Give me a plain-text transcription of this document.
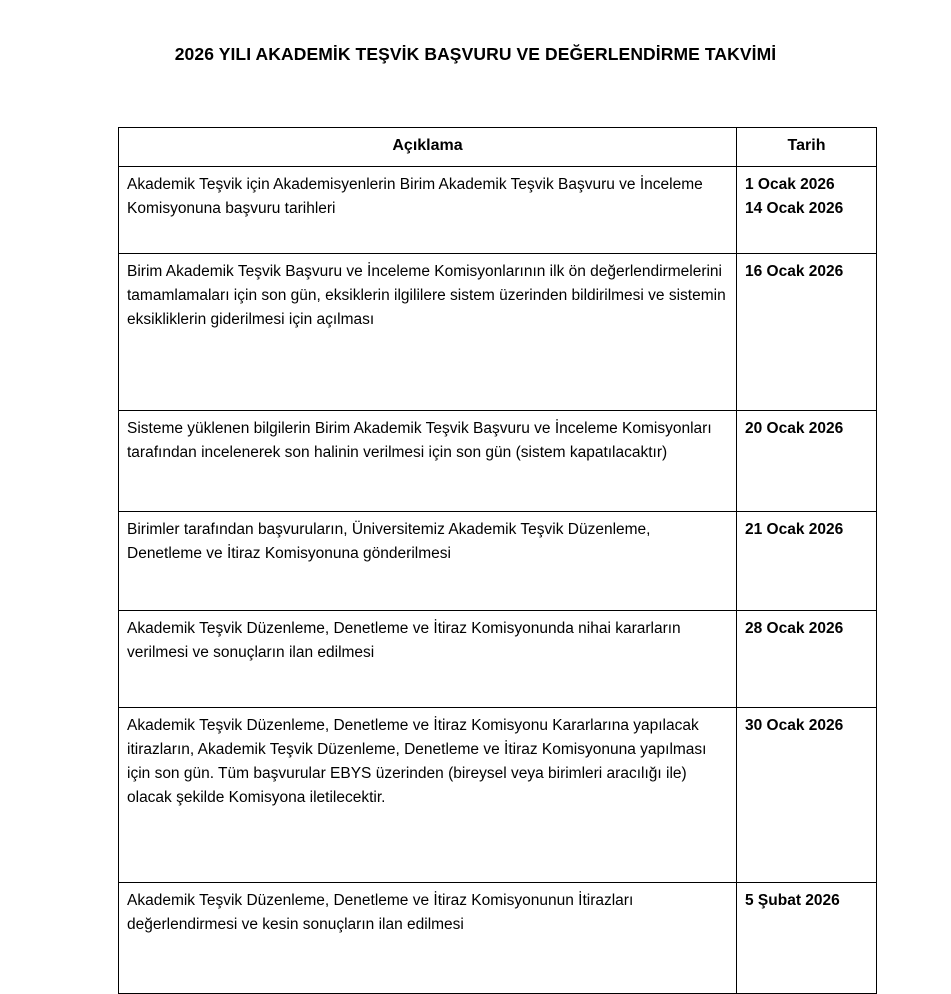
2026 YILI AKADEMİK TEŞVİK BAŞVURU VE DEĞERLENDİRME TAKVİMİ
Açıklama	Tarih
Akademik Teşvik için Akademisyenlerin Birim Akademik Teşvik Başvuru ve İnceleme Komisyonuna başvuru tarihleri	1 Ocak 2026
14 Ocak 2026

Birim Akademik Teşvik Başvuru ve İnceleme Komisyonlarının ilk ön değerlendirmelerini tamamlamaları için son gün, eksiklerin ilgililere sistem üzerinden bildirilmesi ve sistemin eksikliklerin giderilmesi için açılması	16 Ocak 2026

Sisteme yüklenen bilgilerin Birim Akademik Teşvik Başvuru ve İnceleme Komisyonları tarafından incelenerek son halinin verilmesi için son gün (sistem kapatılacaktır)	20 Ocak 2026

Birimler tarafından başvuruların, Üniversitemiz Akademik Teşvik Düzenleme, Denetleme ve İtiraz Komisyonuna gönderilmesi	21 Ocak 2026

Akademik Teşvik Düzenleme, Denetleme ve İtiraz Komisyonunda nihai kararların verilmesi ve sonuçların ilan edilmesi	28 Ocak 2026

Akademik Teşvik Düzenleme, Denetleme ve İtiraz Komisyonu Kararlarına yapılacak itirazların, Akademik Teşvik Düzenleme, Denetleme ve İtiraz Komisyonuna yapılması için son gün. Tüm başvurular EBYS üzerinden (bireysel veya birimleri aracılığı ile) olacak şekilde Komisyona iletilecektir.	30 Ocak 2026

Akademik Teşvik Düzenleme, Denetleme ve İtiraz Komisyonunun İtirazları değerlendirmesi ve kesin sonuçların ilan edilmesi	5 Şubat 2026
